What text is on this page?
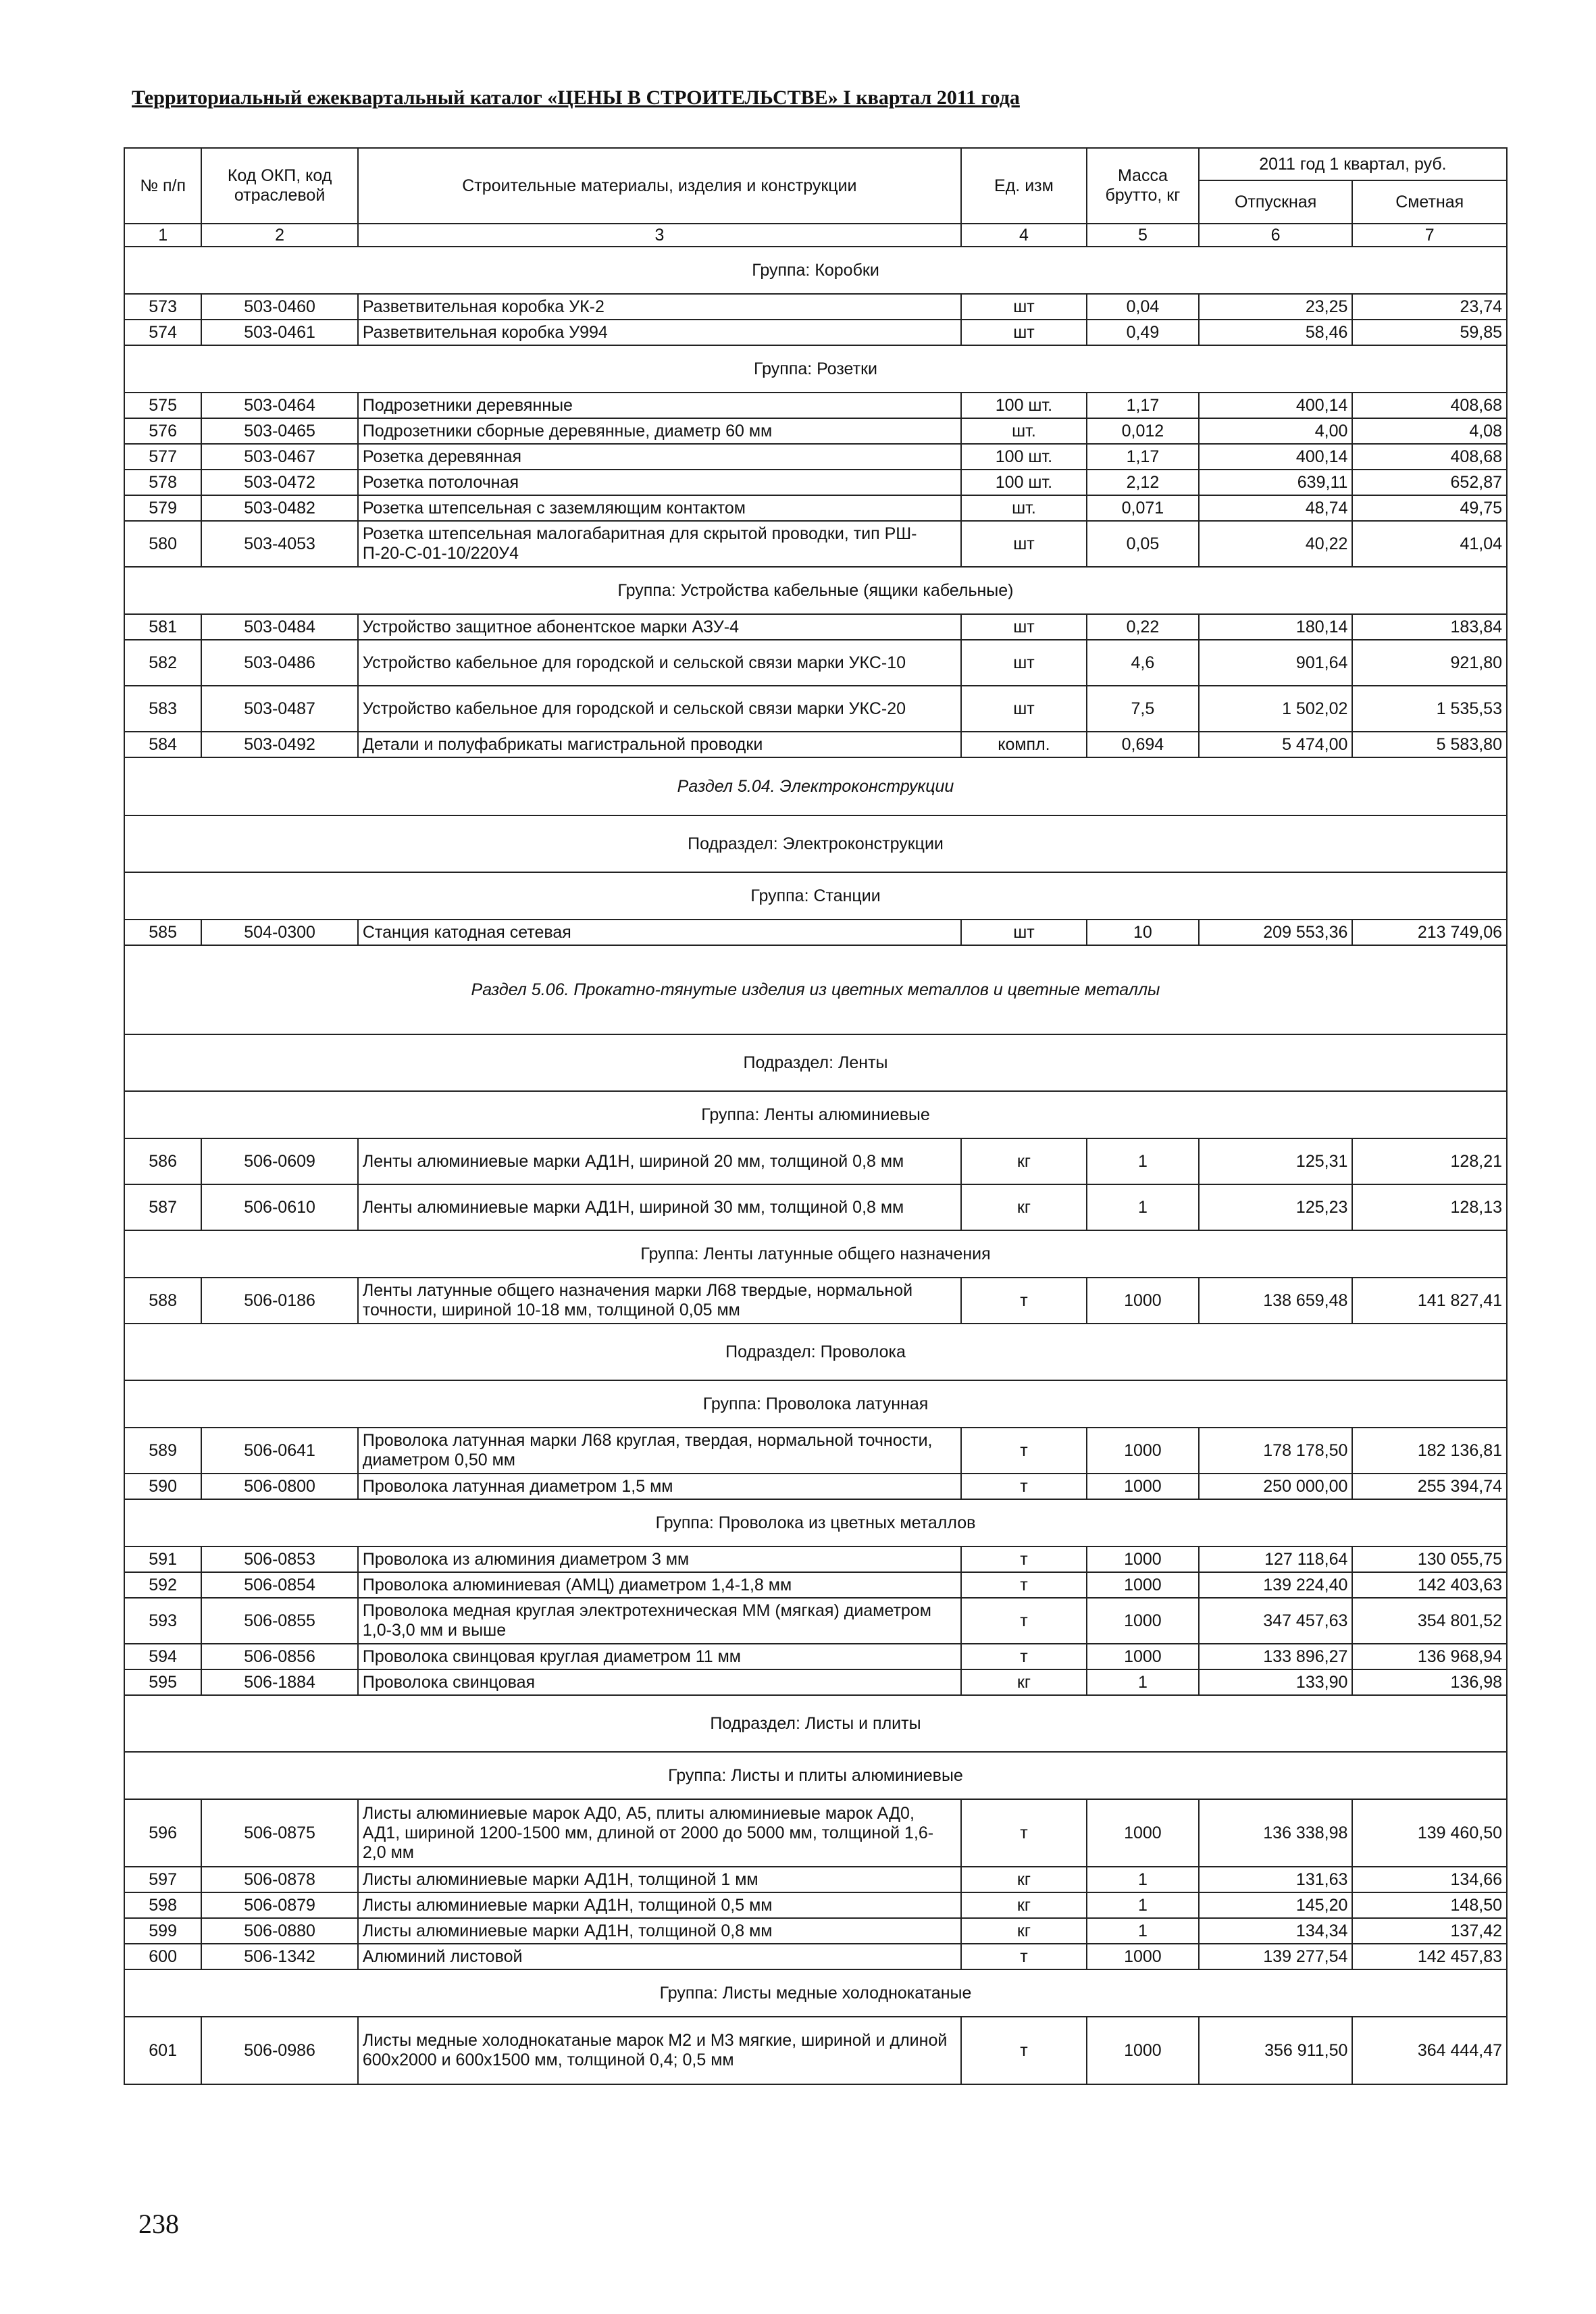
Территориальный ежеквартальный каталог «ЦЕНЫ В СТРОИТЕЛЬСТВЕ» I квартал 2011 года
№ п/п	Код ОКП, код отраслевой	Строительные материалы, изделия и конструкции	Ед. изм	Масса брутто, кг	2011 год 1 квартал, руб.	
					Отпускная	Сметная
1	2	3	4	5	6	7
Группа: Коробки						
573	503-0460	Разветвительная коробка УК-2	шт	0,04	23,25	23,74
574	503-0461	Разветвительная коробка У994	шт	0,49	58,46	59,85
Группа: Розетки						
575	503-0464	Подрозетники деревянные	100 шт.	1,17	400,14	408,68
576	503-0465	Подрозетники сборные деревянные, диаметр 60 мм	шт.	0,012	4,00	4,08
577	503-0467	Розетка деревянная	100 шт.	1,17	400,14	408,68
578	503-0472	Розетка потолочная	100 шт.	2,12	639,11	652,87
579	503-0482	Розетка штепсельная с заземляющим контактом	шт.	0,071	48,74	49,75
580	503-4053	Розетка штепсельная малогабаритная для скрытой проводки, тип РШ-П-20-С-01-10/220У4	шт	0,05	40,22	41,04
Группа: Устройства кабельные (ящики кабельные)						
581	503-0484	Устройство защитное абонентское марки АЗУ-4	шт	0,22	180,14	183,84
582	503-0486	Устройство кабельное для городской и сельской связи марки УКС-10	шт	4,6	901,64	921,80
583	503-0487	Устройство кабельное для городской и сельской связи марки УКС-20	шт	7,5	1 502,02	1 535,53
584	503-0492	Детали и полуфабрикаты магистральной проводки	компл.	0,694	5 474,00	5 583,80
Раздел 5.04. Электроконструкции						
Подраздел: Электроконструкции						
Группа: Станции						
585	504-0300	Станция катодная сетевая	шт	10	209 553,36	213 749,06
Раздел 5.06. Прокатно-тянутые изделия из цветных металлов и цветные металлы						
Подраздел: Ленты						
Группа: Ленты алюминиевые						
586	506-0609	Ленты алюминиевые марки АД1Н, шириной 20 мм, толщиной 0,8 мм	кг	1	125,31	128,21
587	506-0610	Ленты алюминиевые марки АД1Н, шириной 30 мм, толщиной 0,8 мм	кг	1	125,23	128,13
Группа: Ленты латунные общего назначения						
588	506-0186	Ленты латунные общего назначения марки Л68 твердые, нормальной точности, шириной 10-18 мм, толщиной 0,05 мм	т	1000	138 659,48	141 827,41
Подраздел: Проволока						
Группа: Проволока латунная						
589	506-0641	Проволока латунная марки Л68 круглая, твердая, нормальной точности, диаметром 0,50 мм	т	1000	178 178,50	182 136,81
590	506-0800	Проволока латунная диаметром 1,5 мм	т	1000	250 000,00	255 394,74
Группа: Проволока из цветных металлов						
591	506-0853	Проволока из алюминия диаметром 3 мм	т	1000	127 118,64	130 055,75
592	506-0854	Проволока алюминиевая (АМЦ) диаметром 1,4-1,8 мм	т	1000	139 224,40	142 403,63
593	506-0855	Проволока медная круглая электротехническая ММ (мягкая) диаметром 1,0-3,0 мм и выше	т	1000	347 457,63	354 801,52
594	506-0856	Проволока свинцовая круглая диаметром 11 мм	т	1000	133 896,27	136 968,94
595	506-1884	Проволока свинцовая	кг	1	133,90	136,98
Подраздел: Листы и плиты						
Группа: Листы и плиты алюминиевые						
596	506-0875	Листы алюминиевые марок АД0, А5, плиты алюминиевые марок АД0, АД1, шириной 1200-1500 мм, длиной от 2000 до 5000 мм, толщиной 1,6-2,0 мм	т	1000	136 338,98	139 460,50
597	506-0878	Листы алюминиевые марки АД1Н, толщиной 1 мм	кг	1	131,63	134,66
598	506-0879	Листы алюминиевые марки АД1Н, толщиной 0,5 мм	кг	1	145,20	148,50
599	506-0880	Листы алюминиевые марки АД1Н, толщиной 0,8 мм	кг	1	134,34	137,42
600	506-1342	Алюминий листовой	т	1000	139 277,54	142 457,83
Группа: Листы медные холоднокатаные						
601	506-0986	Листы медные холоднокатаные марок М2 и М3 мягкие, шириной и длиной 600х2000 и 600х1500 мм, толщиной 0,4; 0,5 мм	т	1000	356 911,50	364 444,47
238
